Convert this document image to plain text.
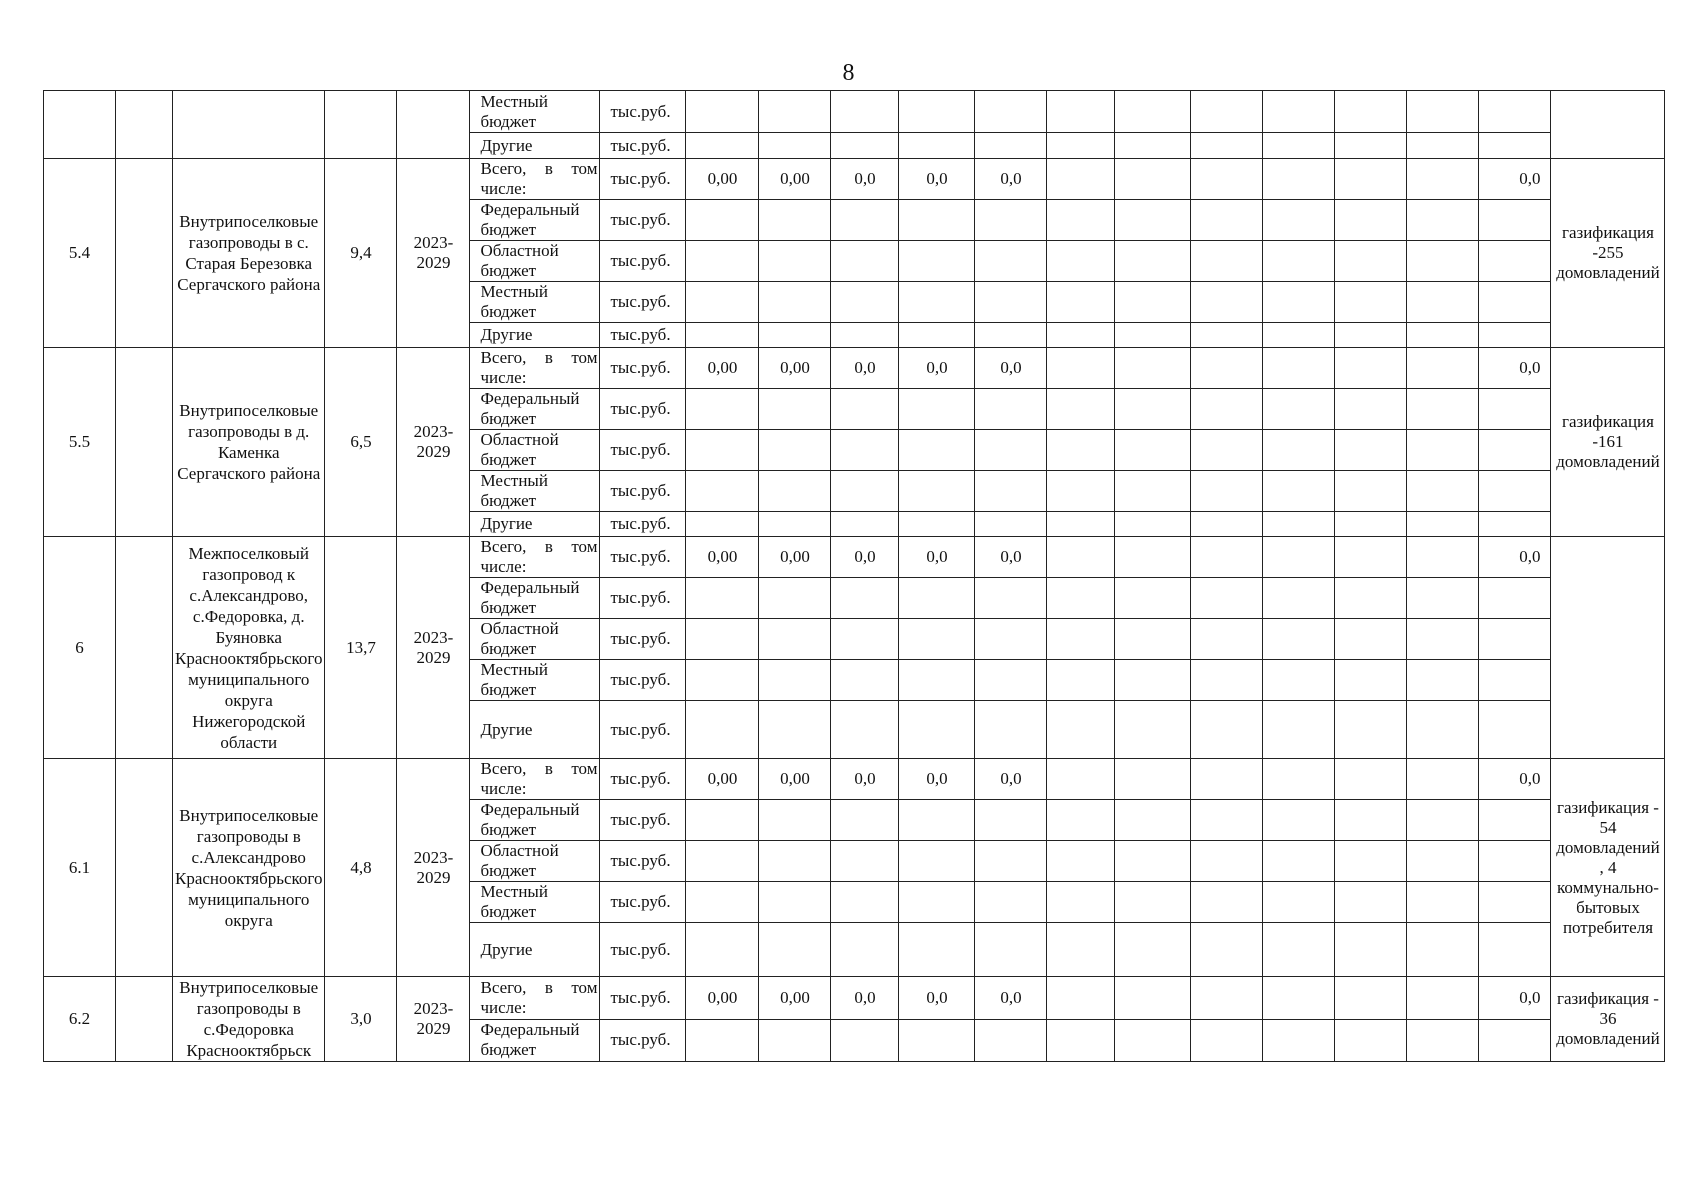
8
					Местный бюджет	тыс.руб.													
					Другие	тыс.руб.													
5.4		Внутрипоселковые газопроводы в с. Старая Березовка Сергачского района	9,4	2023-2029	Всего, в том числе:	тыс.руб.	0,00	0,00	0,0	0,0	0,0							0,0	газификация -255 домовладений
					Федеральный бюджет	тыс.руб.													
					Областной бюджет	тыс.руб.													
					Местный бюджет	тыс.руб.													
					Другие	тыс.руб.													
5.5		Внутрипоселковые газопроводы в д. Каменка Сергачского района	6,5	2023-2029	Всего, в том числе:	тыс.руб.	0,00	0,00	0,0	0,0	0,0							0,0	газификация -161 домовладений
					Федеральный бюджет	тыс.руб.													
					Областной бюджет	тыс.руб.													
					Местный бюджет	тыс.руб.													
					Другие	тыс.руб.													
6		Межпоселковый газопровод к с.Александрово, с.Федоровка, д. Буяновка Краснооктябрьского муниципального округа Нижегородской области	13,7	2023-2029	Всего, в том числе:	тыс.руб.	0,00	0,00	0,0	0,0	0,0							0,0	
					Федеральный бюджет	тыс.руб.													
					Областной бюджет	тыс.руб.													
					Местный бюджет	тыс.руб.													
					Другие	тыс.руб.													
6.1		Внутрипоселковые газопроводы в с.Александрово Краснооктябрьского муниципального округа	4,8	2023-2029	Всего, в том числе:	тыс.руб.	0,00	0,00	0,0	0,0	0,0							0,0	газификация - 54 домовладений , 4 коммунально-бытовых потребителя
					Федеральный бюджет	тыс.руб.													
					Областной бюджет	тыс.руб.													
					Местный бюджет	тыс.руб.													
					Другие	тыс.руб.													
6.2		Внутрипоселковые газопроводы в с.Федоровка Краснооктябрьск	3,0	2023-2029	Всего, в том числе:	тыс.руб.	0,00	0,00	0,0	0,0	0,0							0,0	газификация - 36 домовладений
					Федеральный бюджет	тыс.руб.													
